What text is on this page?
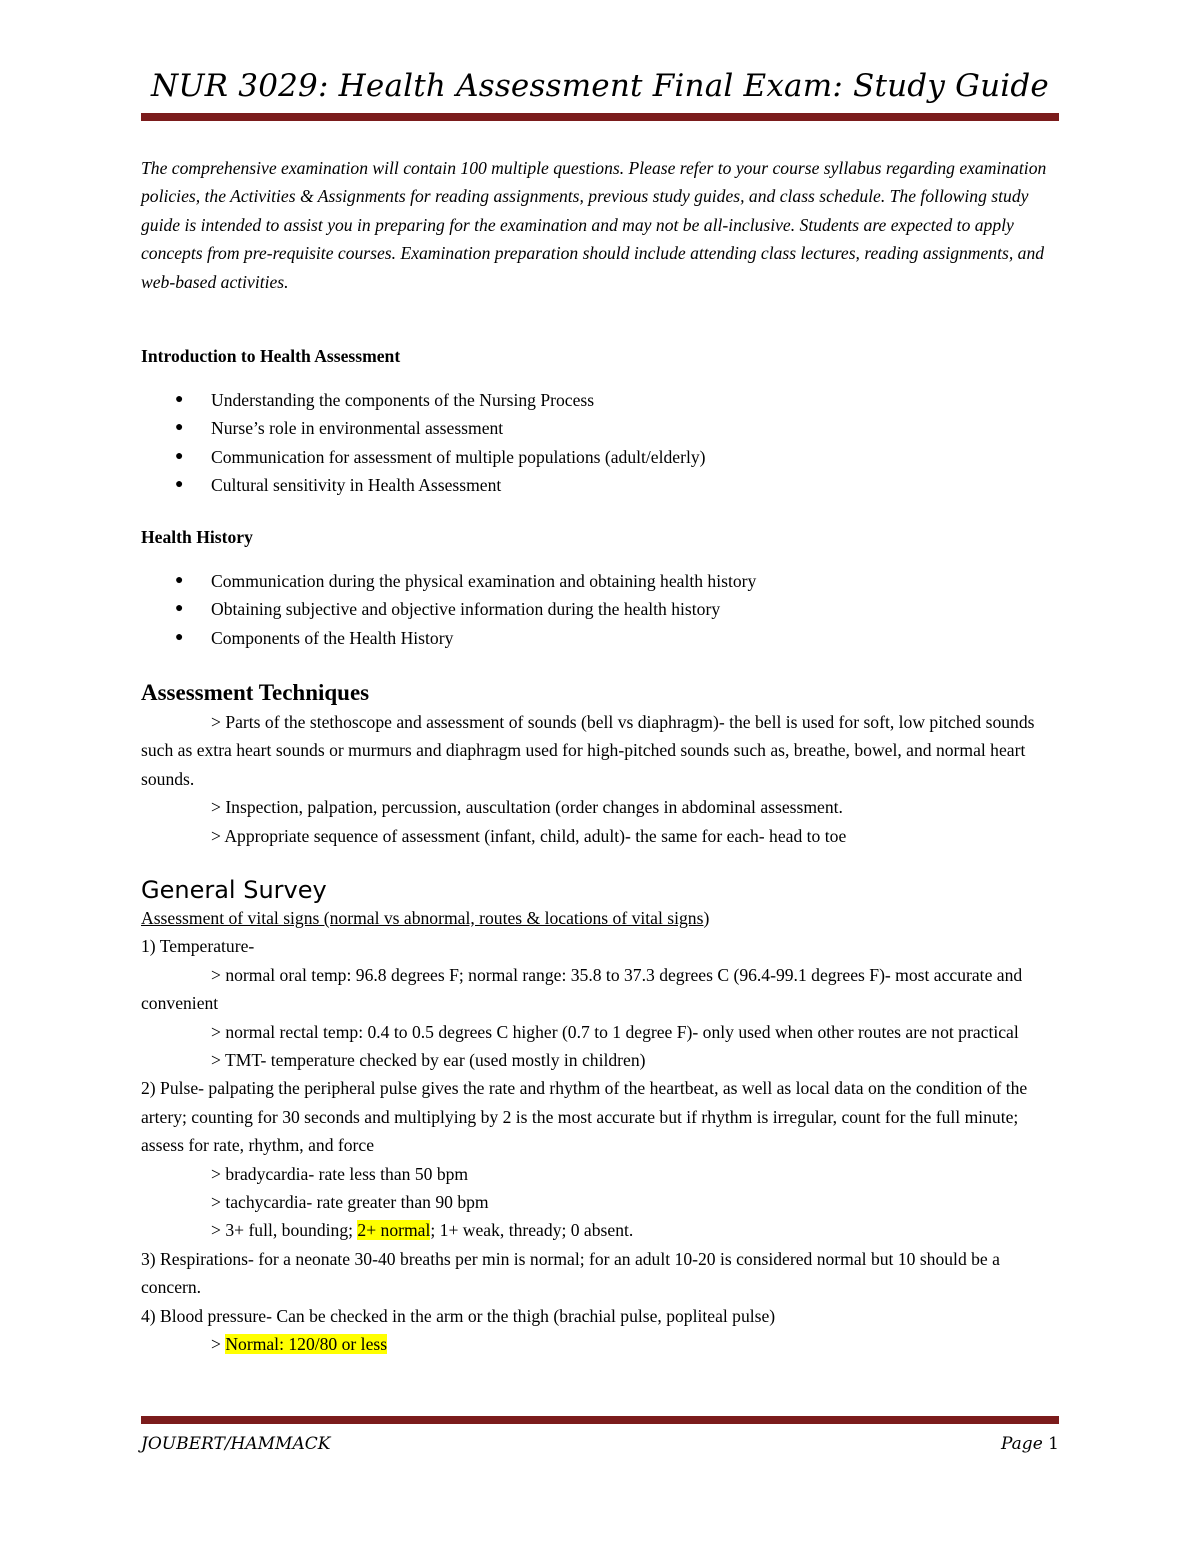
NUR 3029: Health Assessment Final Exam: Study Guide
The comprehensive examination will contain 100 multiple questions. Please refer to your course syllabus regarding examination policies, the Activities & Assignments for reading assignments, previous study guides, and class schedule. The following study guide is intended to assist you in preparing for the examination and may not be all-inclusive. Students are expected to apply concepts from pre-requisite courses. Examination preparation should include attending class lectures, reading assignments, and web-based activities.
Introduction to Health Assessment
● Understanding the components of the Nursing Process
● Nurse’s role in environmental assessment
● Communication for assessment of multiple populations (adult/elderly)
● Cultural sensitivity in Health Assessment
Health History
● Communication during the physical examination and obtaining health history
● Obtaining subjective and objective information during the health history
● Components of the Health History
Assessment Techniques
> Parts of the stethoscope and assessment of sounds (bell vs diaphragm)- the bell is used for soft, low pitched sounds such as extra heart sounds or murmurs and diaphragm used for high-pitched sounds such as, breathe, bowel, and normal heart sounds.
> Inspection, palpation, percussion, auscultation (order changes in abdominal assessment.
> Appropriate sequence of assessment (infant, child, adult)- the same for each- head to toe
General Survey
Assessment of vital signs (normal vs abnormal, routes & locations of vital signs)
1) Temperature-
> normal oral temp: 96.8 degrees F; normal range: 35.8 to 37.3 degrees C (96.4-99.1 degrees F)- most accurate and convenient
> normal rectal temp: 0.4 to 0.5 degrees C higher (0.7 to 1 degree F)- only used when other routes are not practical
> TMT- temperature checked by ear (used mostly in children)
2) Pulse- palpating the peripheral pulse gives the rate and rhythm of the heartbeat, as well as local data on the condition of the artery; counting for 30 seconds and multiplying by 2 is the most accurate but if rhythm is irregular, count for the full minute; assess for rate, rhythm, and force
> bradycardia- rate less than 50 bpm
> tachycardia- rate greater than 90 bpm
> 3+ full, bounding; 2+ normal; 1+ weak, thready; 0 absent.
3) Respirations- for a neonate 30-40 breaths per min is normal; for an adult 10-20 is considered normal but 10 should be a concern.
4) Blood pressure- Can be checked in the arm or the thigh (brachial pulse, popliteal pulse)
> Normal: 120/80 or less
JOUBERT/HAMMACK	Page 1
